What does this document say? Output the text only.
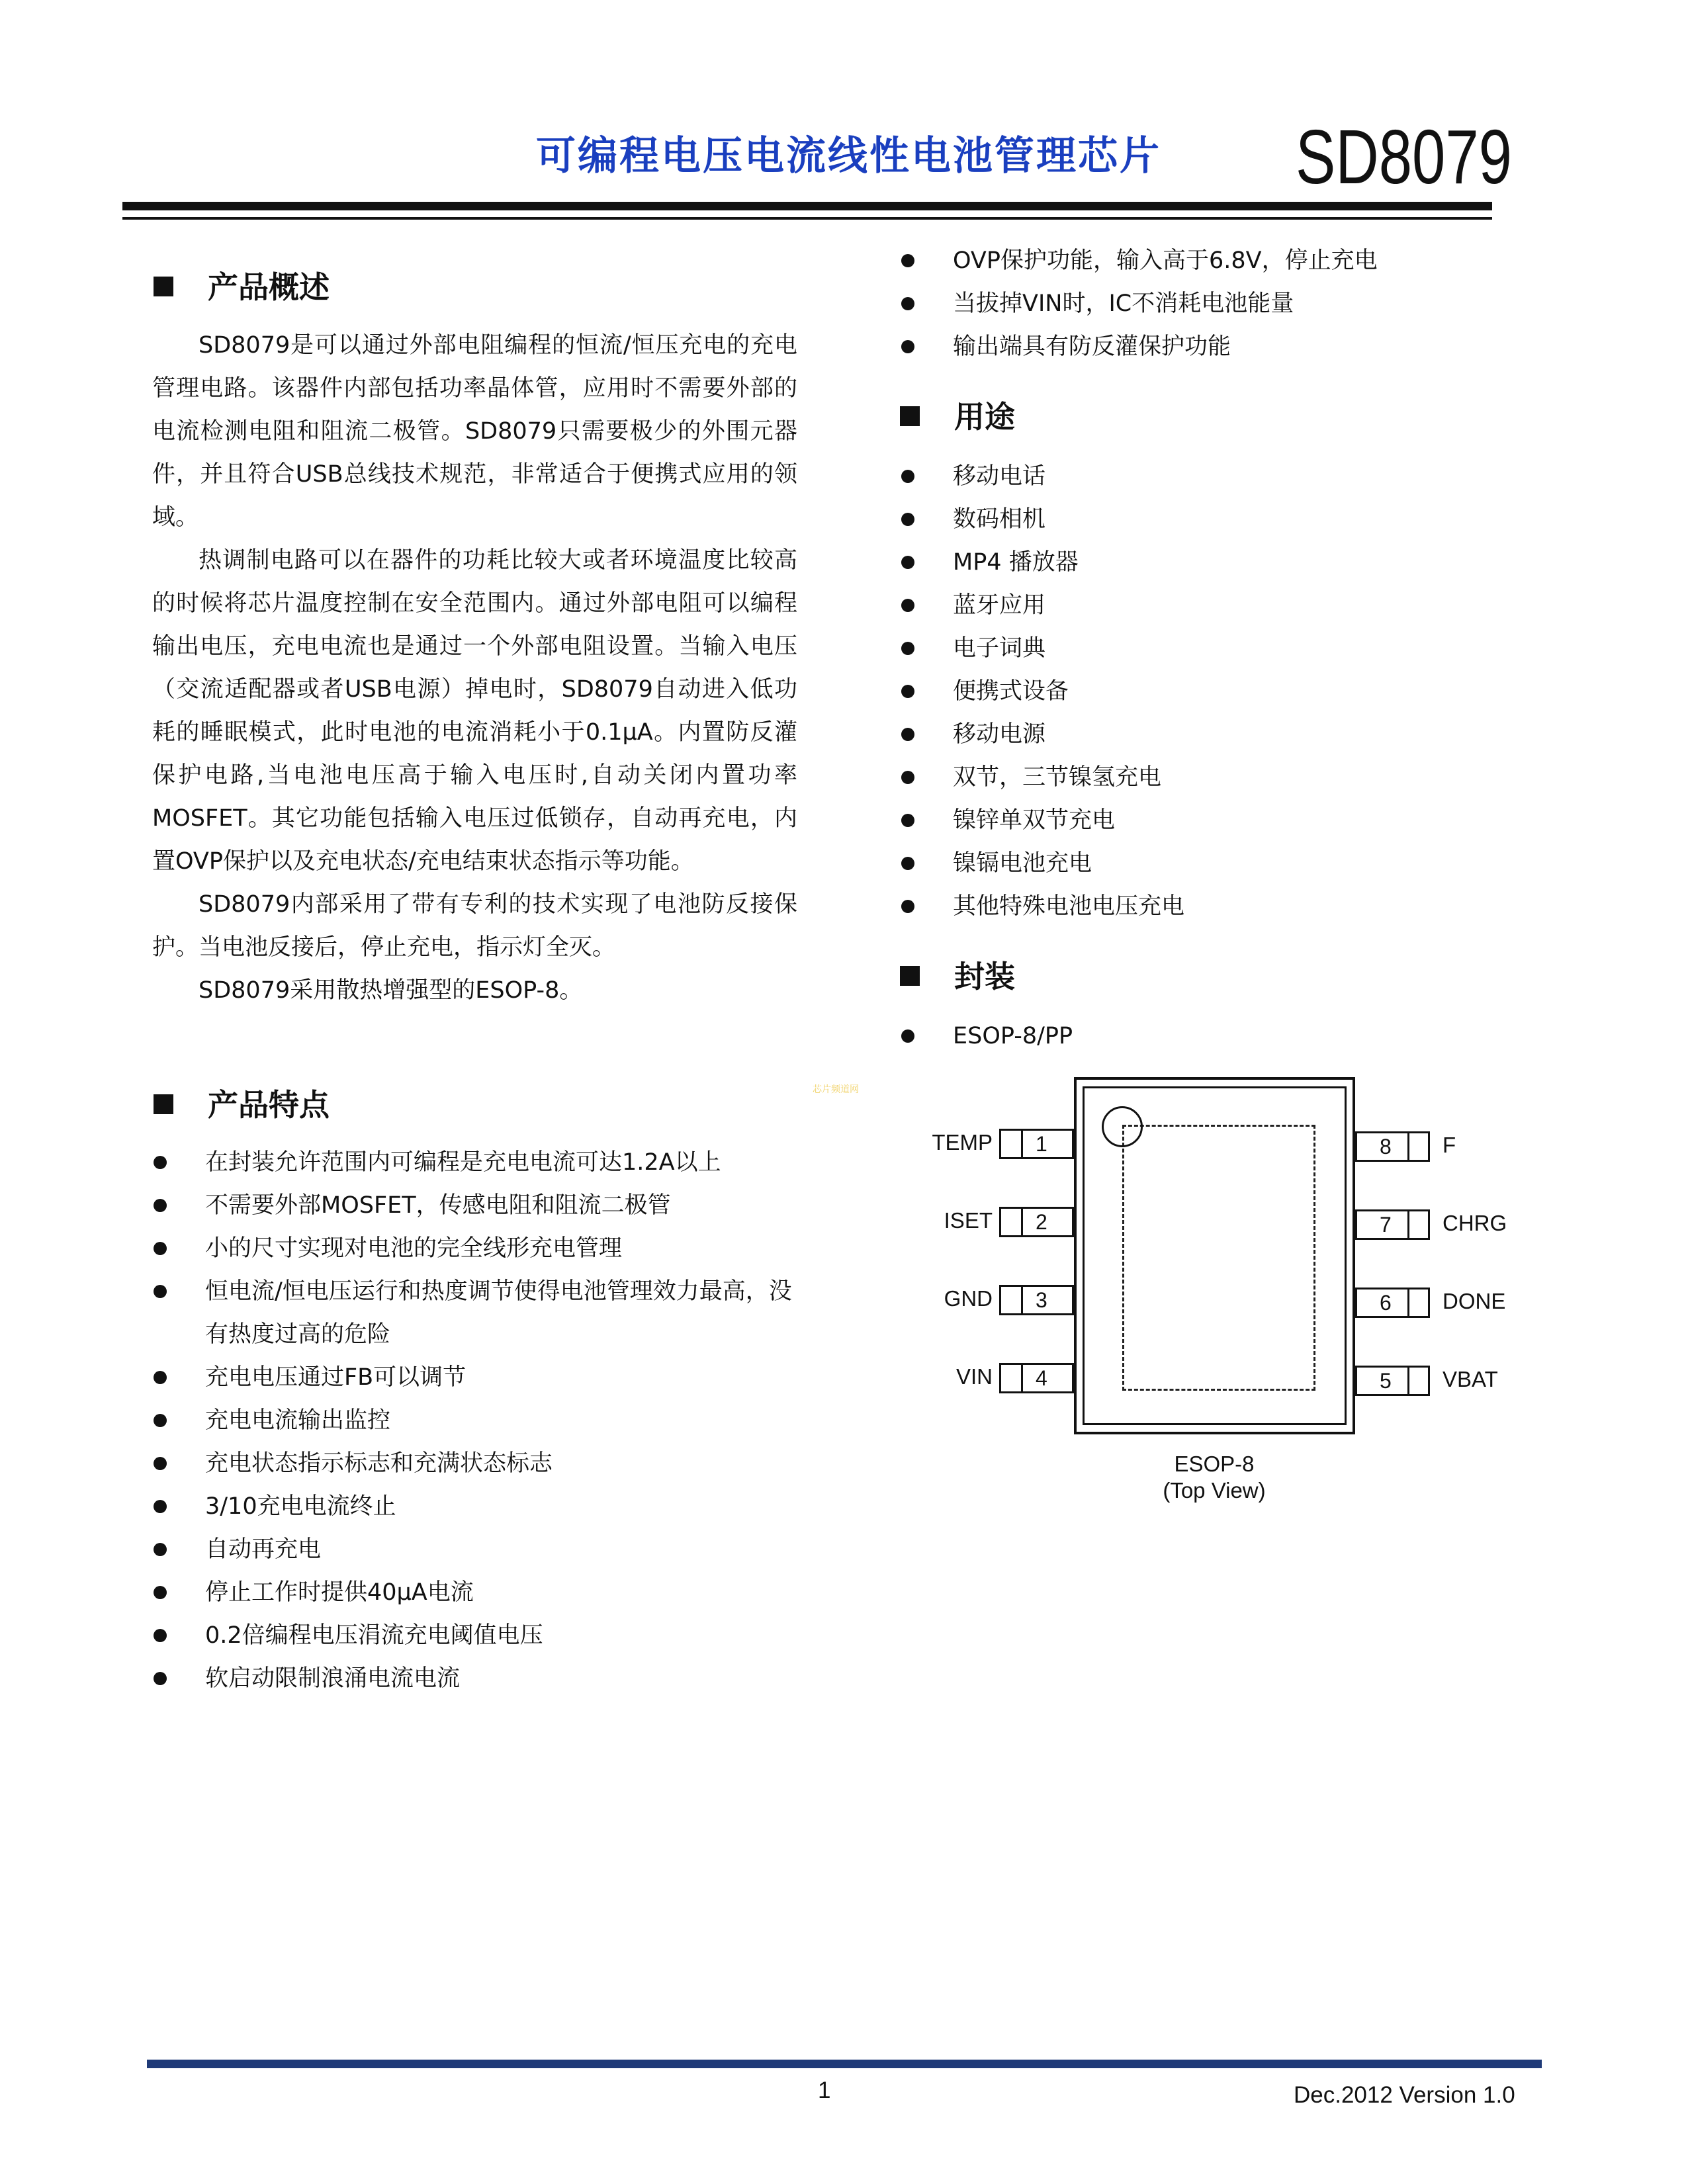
可编程电压电流线性电池管理芯片 SD8079
产品概述

SD8079是可以通过外部电阻编程的恒流/恒压充电的充电管理电路。该器件内部包括功率晶体管，应用时不需要外部的电流检测电阻和阻流二极管。SD8079只需要极少的外围元器件，并且符合USB总线技术规范，非常适合于便携式应用的领域。

热调制电路可以在器件的功耗比较大或者环境温度比较高的时候将芯片温度控制在安全范围内。通过外部电阻可以编程输出电压，充电电流也是通过一个外部电阻设置。当输入电压（交流适配器或者USB电源）掉电时，SD8079自动进入低功耗的睡眠模式，此时电池的电流消耗小于0.1μA。内置防反灌保护电路,当电池电压高于输入电压时,自动关闭内置功率MOSFET。其它功能包括输入电压过低锁存，自动再充电，内置OVP保护以及充电状态/充电结束状态指示等功能。

SD8079内部采用了带有专利的技术实现了电池防反接保护。当电池反接后，停止充电，指示灯全灭。

SD8079采用散热增强型的ESOP-8。

产品特点
在封装允许范围内可编程是充电电流可达1.2A以上
不需要外部MOSFET，传感电阻和阻流二极管
小的尺寸实现对电池的完全线形充电管理
恒电流/恒电压运行和热度调节使得电池管理效力最高，没有热度过高的危险
充电电压通过FB可以调节
充电电流输出监控
充电状态指示标志和充满状态标志
3/10充电电流终止
自动再充电
停止工作时提供40μA电流
0.2倍编程电压涓流充电阈值电压
软启动限制浪涌电流电流
芯片频道网
OVP保护功能，输入高于6.8V，停止充电
当拔掉VIN时，IC不消耗电池能量
输出端具有防反灌保护功能
用途
移动电话
数码相机
MP4 播放器
蓝牙应用
电子词典
便携式设备
移动电源
双节，三节镍氢充电
镍锌单双节充电
镍镉电池充电
其他特殊电池电压充电
封装
ESOP-8/PP
TEMP 1
ISET 2
GND 3
VIN 4
8 F
7 CHRG
6 DONE
5 VBAT
ESOP-8
(Top View)
1	Dec.2012 Version 1.0
